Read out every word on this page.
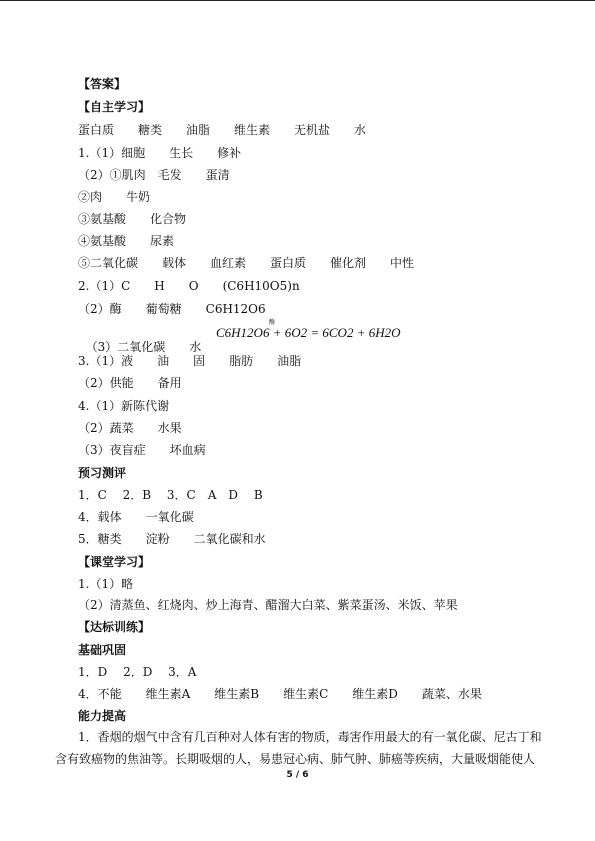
【答案】
【自主学习】
蛋白质　　糖类　　油脂　　维生素　　无机盐　　水
1.（1）细胞　　生长　　修补
（2）①肌肉　毛发　　蛋清
②肉　　牛奶
③氨基酸　　化合物
④氨基酸　　尿素
⑤二氧化碳　　载体　　血红素　　蛋白质　　催化剂　　中性
2.（1）C　　H　　O　　(C6H10O5)n
（2）酶　　葡萄糖　　C6H12O6

（3）二氧化碳　　水

酶
C6H12O6 + 6O2 = 6CO2 + 6H2O
3.（1）液　　油　　固　　脂肪　　油脂
（2）供能　　备用
4.（1）新陈代谢
（2）蔬菜　　水果
（3）夜盲症　　坏血病
预习测评
1．C　 2．B　 3．C　A　D　 B
4．载体　　一氧化碳
5．糖类　　淀粉　　二氧化碳和水
【课堂学习】
1.（1）略
（2）清蒸鱼、红烧肉、炒上海青、醋溜大白菜、紫菜蛋汤、米饭、苹果
【达标训练】
基础巩固
1．D　 2．D　 3．A
4．不能　　维生素A　　维生素B　　维生素C　　维生素D　　蔬菜、水果
能力提高
1．香烟的烟气中含有几百种对人体有害的物质，毒害作用最大的有一氧化碳、尼古丁和
含有致癌物的焦油等。长期吸烟的人，易患冠心病、肺气肿、肺癌等疾病，大量吸烟能使人
5 / 6
